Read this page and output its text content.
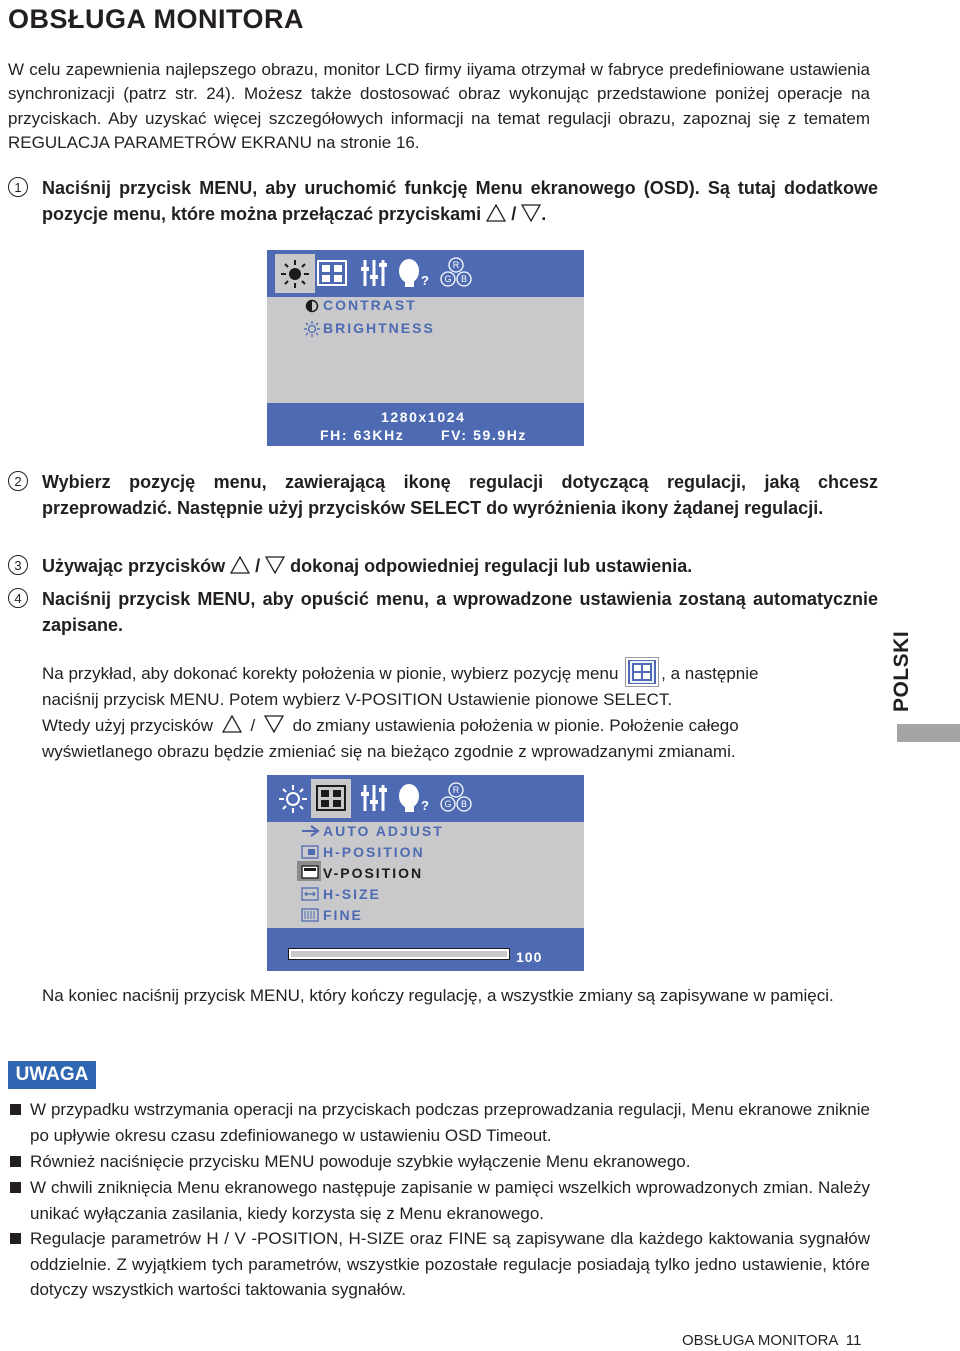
OBSŁUGA MONITORA
W celu zapewnienia najlepszego obrazu, monitor LCD firmy iiyama otrzymał w fabryce predefiniowane ustawienia synchronizacji (patrz str. 24). Możesz także dostosować obraz wykonując przedstawione poniżej operacje na przyciskach. Aby uzyskać więcej szczegółowych informacji na temat regulacji obrazu, zapoznaj się z tematem REGULACJA PARAMETRÓW EKRANU na stronie 16.
1	Naciśnij przycisk MENU, aby uruchomić funkcję Menu ekranowego (OSD). Są tutaj dodatkowe pozycje menu, które można przełączać przyciskami / .
?
R
G B
CONTRAST
BRIGHTNESS
1280x1024
FH: 63KHz	FV: 59.9Hz
2	Wybierz pozycję menu, zawierającą ikonę regulacji dotyczącą regulacji, jaką chcesz przeprowadzić. Następnie użyj przycisków SELECT do wyróżnienia ikony żądanej regulacji.
3	Używając przycisków / dokonaj odpowiedniej regulacji lub ustawienia.
4	Naciśnij przycisk MENU, aby opuścić menu, a wprowadzone ustawienia zostaną automatycznie zapisane.
Na przykład, aby dokonać korekty położenia w pionie, wybierz pozycję menu	, a następnie
naciśnij przycisk MENU. Potem wybierz V-POSITION Ustawienie pionowe SELECT.
Wtedy użyj przycisków / do zmiany ustawienia położenia w pionie. Położenie całego
wyświetlanego obrazu będzie zmieniać się na bieżąco zgodnie z wprowadzanymi zmianami.
POLSKI
?
R
G B
AUTO ADJUST
H-POSITION
V-POSITION
H-SIZE
FINE
100
Na koniec naciśnij przycisk MENU, który kończy regulację, a wszystkie zmiany są zapisywane w pamięci.
UWAGA
W przypadku wstrzymania operacji na przyciskach podczas przeprowadzania regulacji, Menu ekranowe zniknie po upływie okresu czasu zdefiniowanego w ustawieniu OSD Timeout.
Również naciśnięcie przycisku MENU powoduje szybkie wyłączenie Menu ekranowego.
W chwili zniknięcia Menu ekranowego następuje zapisanie w pamięci wszelkich wprowadzonych zmian. Należy unikać wyłączania zasilania, kiedy korzysta się z Menu ekranowego.
Regulacje parametrów H / V -POSITION, H-SIZE oraz FINE są zapisywane dla każdego kaktowania sygnałów oddzielnie. Z wyjątkiem tych parametrów, wszystkie pozostałe regulacje posiadają tylko jedno ustawienie, które dotyczy wszystkich wartości taktowania sygnałów.
OBSŁUGA MONITORA 11
